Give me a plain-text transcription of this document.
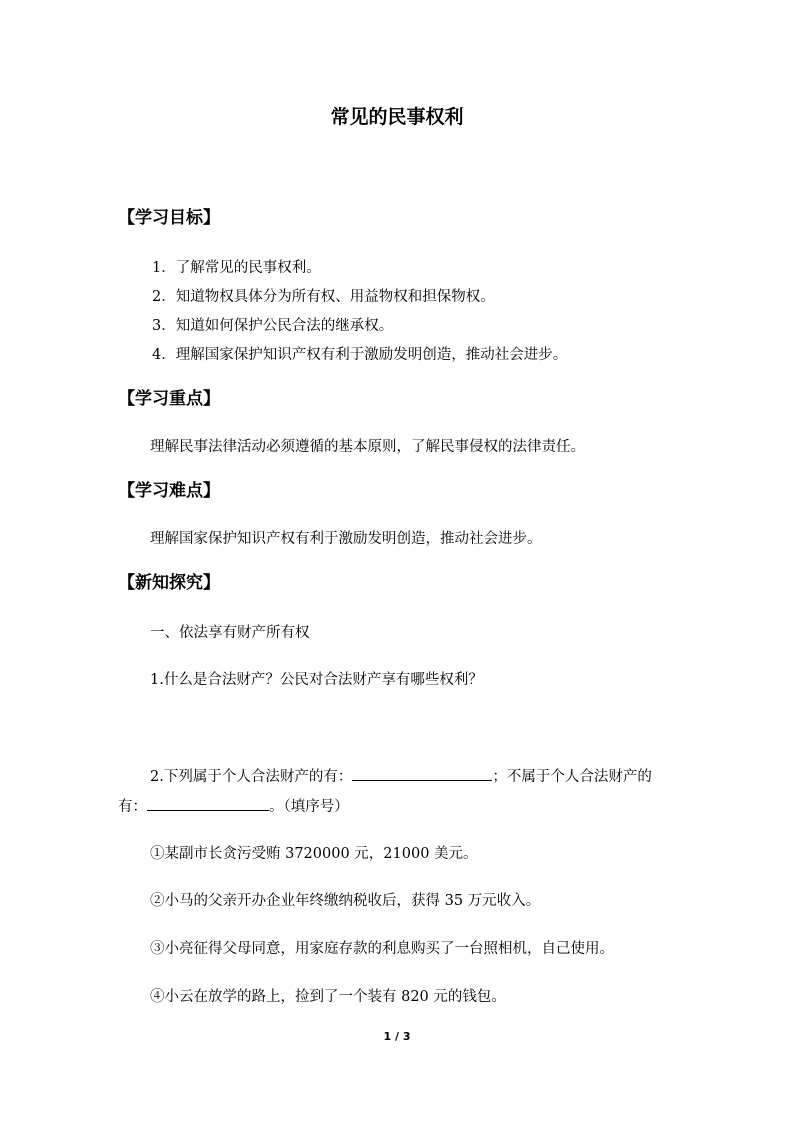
常见的民事权利
【学习目标】
1．了解常见的民事权利。
2．知道物权具体分为所有权、用益物权和担保物权。
3．知道如何保护公民合法的继承权。
4．理解国家保护知识产权有利于激励发明创造，推动社会进步。
【学习重点】
理解民事法律活动必须遵循的基本原则，了解民事侵权的法律责任。
【学习难点】
理解国家保护知识产权有利于激励发明创造，推动社会进步。
【新知探究】
一、依法享有财产所有权
1.什么是合法财产？公民对合法财产享有哪些权利？
2.下列属于个人合法财产的有：	；不属于个人合法财产的
有：	。（填序号）
①某副市长贪污受贿 3720000 元，21000 美元。
②小马的父亲开办企业年终缴纳税收后，获得 35 万元收入。
③小亮征得父母同意，用家庭存款的利息购买了一台照相机，自己使用。
④小云在放学的路上，捡到了一个装有 820 元的钱包。
1 / 3
